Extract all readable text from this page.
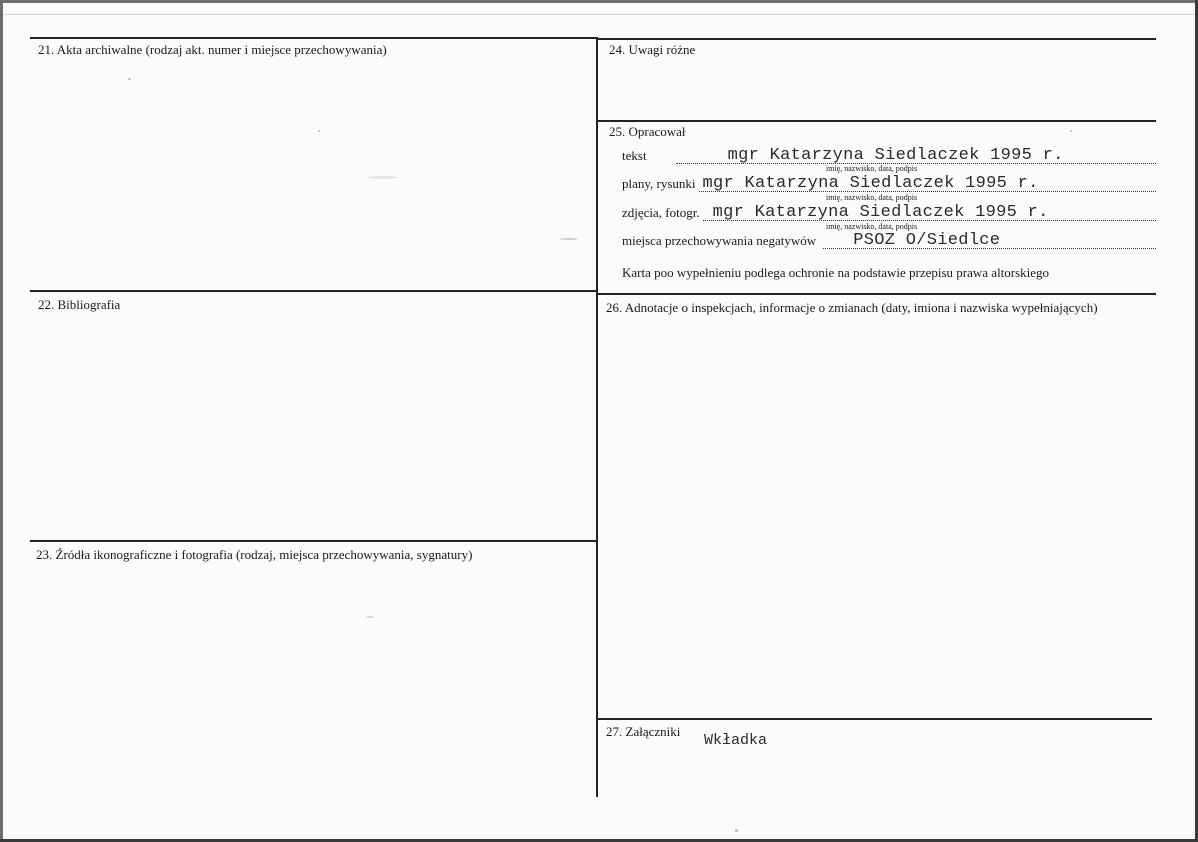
21. Akta archiwalne (rodzaj akt. numer i miejsce przechowywania)
22. Bibliografia
23. Źródła ikonograficzne i fotografia (rodzaj, miejsca przechowywania, sygnatury)
24. Uwagi różne
25. Opracował
tekst	mgr Katarzyna Siedlaczek 1995 r.
imię, nazwisko, data, podpis
plany, rysunki mgr Katarzyna Siedlaczek 1995 r.
imię, nazwisko, data, podpis
zdjęcia, fotogr. mgr Katarzyna Siedlaczek 1995 r.
imię, nazwisko, data, podpis
miejsca przechowywania negatywów PSOZ O/Siedlce
Karta poo wypełnieniu podlega ochronie na podstawie przepisu prawa altorskiego
26. Adnotacje o inspekcjach, informacje o zmianach (daty, imiona i nazwiska wypełniających)
27. Załączniki
Wkładka
